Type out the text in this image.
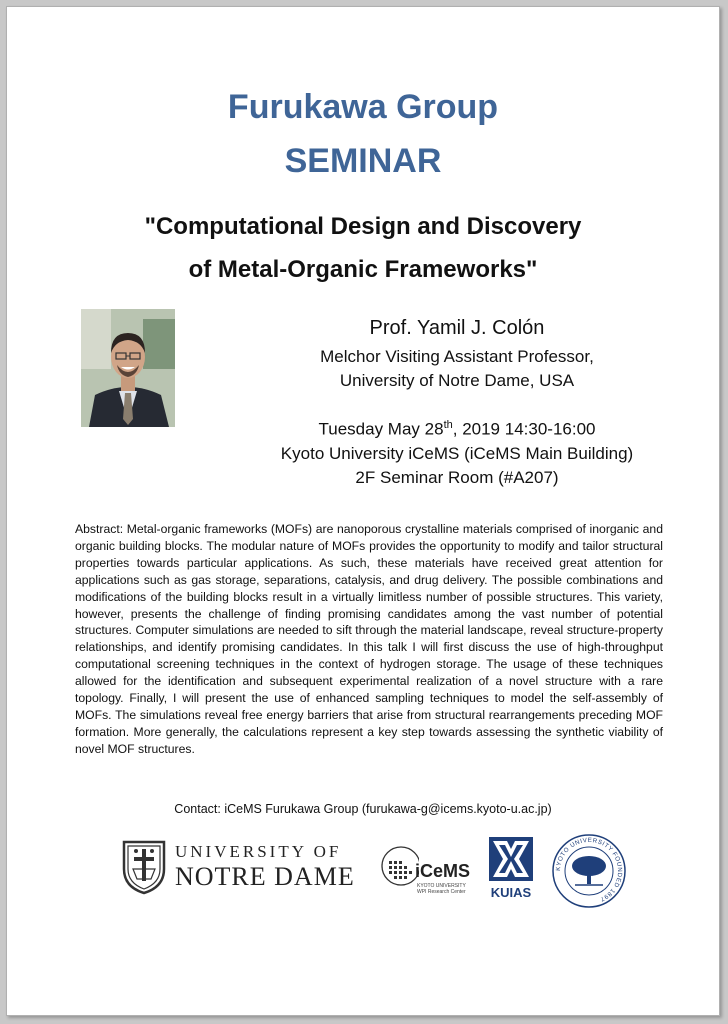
Furukawa Group
SEMINAR
"Computational Design and Discovery
of Metal-Organic Frameworks"
Prof. Yamil J. Colón
Melchor Visiting Assistant Professor,
University of Notre Dame, USA
Tuesday May 28th, 2019 14:30-16:00
Kyoto University iCeMS (iCeMS Main Building)
2F Seminar Room (#A207)
Abstract: Metal-organic frameworks (MOFs) are nanoporous crystalline materials comprised of inorganic and organic building blocks. The modular nature of MOFs provides the opportunity to modify and tailor structural properties towards particular applications. As such, these materials have received great attention for applications such as gas storage, separations, catalysis, and drug delivery. The possible combinations and modifications of the building blocks result in a virtually limitless number of possible structures. This variety, however, presents the challenge of finding promising candidates among the vast number of potential structures. Computer simulations are needed to sift through the material landscape, reveal structure-property relationships, and identify promising candidates. In this talk I will first discuss the use of high-throughput computational screening techniques in the context of hydrogen storage. The usage of these techniques allowed for the identification and subsequent experimental realization of a novel structure with a rare topology. Finally, I will present the use of enhanced sampling techniques to model the self-assembly of MOFs. The simulations reveal free energy barriers that arise from structural rearrangements preceding MOF formation. More generally, the calculations represent a key step towards assessing the synthetic viability of novel MOF structures.
Contact: iCeMS Furukawa Group (furukawa-g@icems.kyoto-u.ac.jp)
UNIVERSITY OF
NOTRE DAME	iCeMS
KYOTO UNIVERSITY
WPI Research Center	KUIAS
KYOTO UNIVERSITY FOUNDED 1897
